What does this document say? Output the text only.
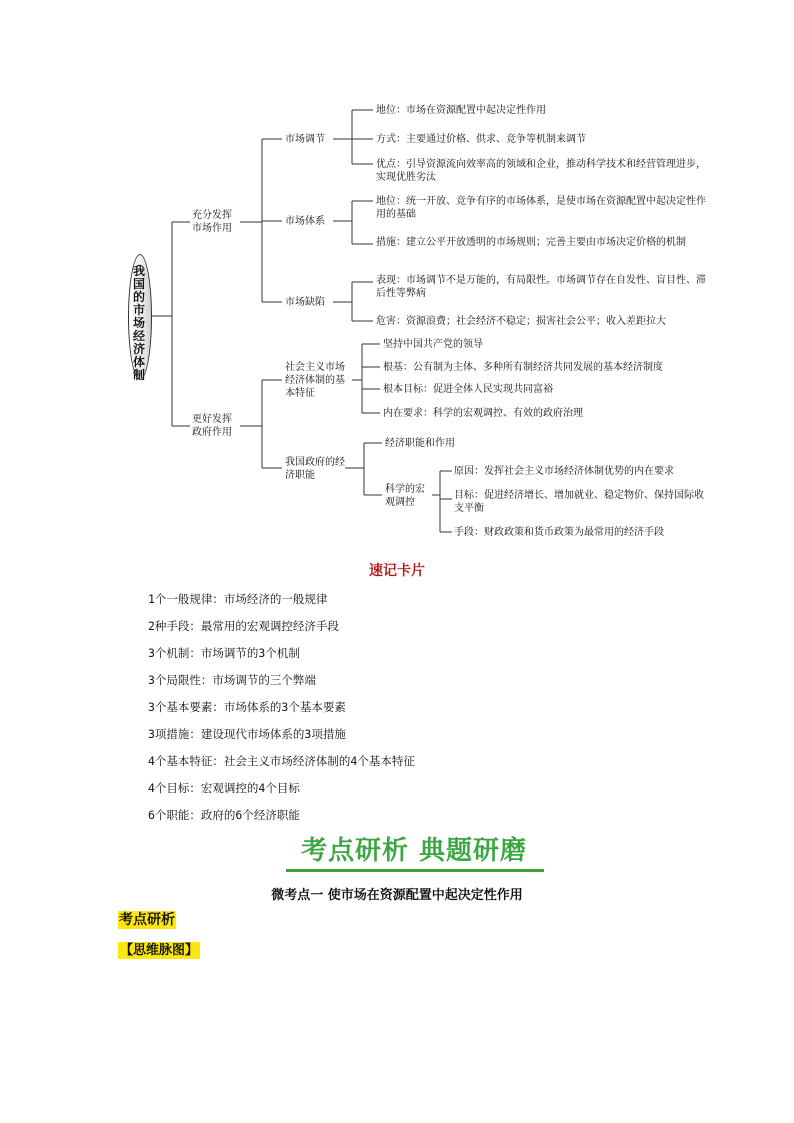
我国的市场经济体制
充分发挥市场作用
更好发挥政府作用
市场调节
市场体系
市场缺陷
地位：市场在资源配置中起决定性作用
方式：主要通过价格、供求、竞争等机制来调节
优点：引导资源流向效率高的领域和企业，推动科学技术和经营管理进步，实现优胜劣汰
地位：统一开放、竞争有序的市场体系，是使市场在资源配置中起决定性作用的基础
措施：建立公平开放透明的市场规则；完善主要由市场决定价格的机制
表现：市场调节不是万能的，有局限性。市场调节存在自发性、盲目性、滞后性等弊病
危害：资源浪费；社会经济不稳定；损害社会公平；收入差距拉大
社会主义市场经济体制的基本特征
我国政府的经济职能
坚持中国共产党的领导
根基：公有制为主体、多种所有制经济共同发展的基本经济制度
根本目标：促进全体人民实现共同富裕
内在要求：科学的宏观调控、有效的政府治理
经济职能和作用
科学的宏观调控
原因：发挥社会主义市场经济体制优势的内在要求
目标：促进经济增长、增加就业、稳定物价、保持国际收支平衡
手段：财政政策和货币政策为最常用的经济手段
速记卡片
1个一般规律：市场经济的一般规律
2种手段：最常用的宏观调控经济手段
3个机制：市场调节的3个机制
3个局限性：市场调节的三个弊端
3个基本要素：市场体系的3个基本要素
3项措施：建设现代市场体系的3项措施
4个基本特征：社会主义市场经济体制的4个基本特征
4个目标：宏观调控的4个目标
6个职能：政府的6个经济职能
考点研析 典题研磨
微考点一 使市场在资源配置中起决定性作用
考点研析
【思维脉图】
